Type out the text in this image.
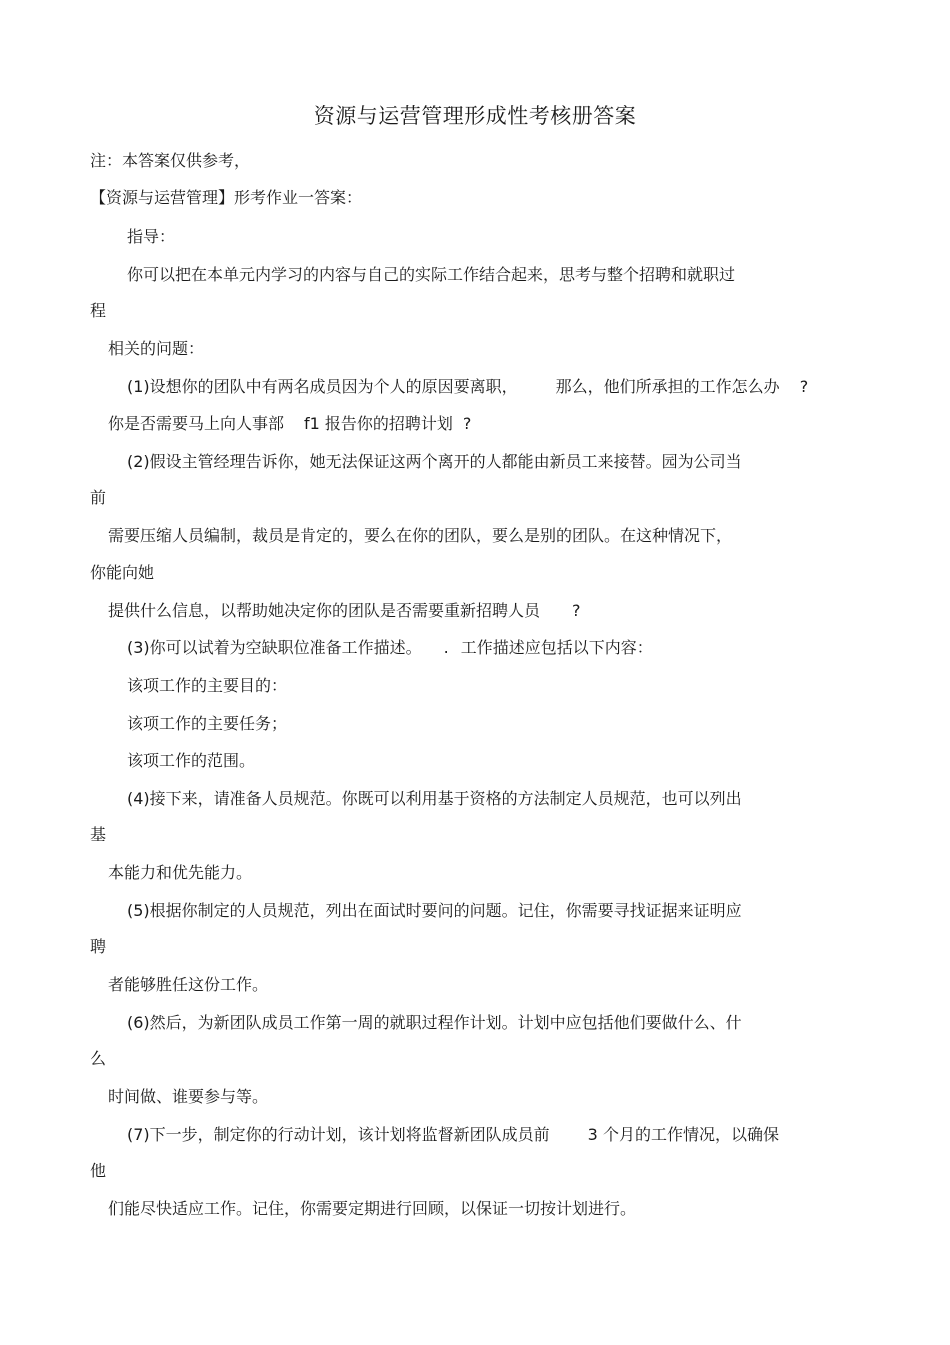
资源与运营管理形成性考核册答案
注：本答案仅供参考，
【资源与运营管理】形考作业一答案：
指导：
你可以把在本单元内学习的内容与自己的实际工作结合起来，思考与整个招聘和就职过
程
相关的问题：
(1)设想你的团队中有两名成员因为个人的原因要离职， 那么，他们所承担的工作怎么办 ?
你是否需要马上向人事部 f1 报告你的招聘计划 ?
(2)假设主管经理告诉你，她无法保证这两个离开的人都能由新员工来接替。园为公司当
前
需要压缩人员编制，裁员是肯定的，要么在你的团队，要么是别的团队。在这种情况下，
你能向她
提供什么信息，以帮助她决定你的团队是否需要重新招聘人员 ?
(3)你可以试着为空缺职位准备工作描述。 . 工作描述应包括以下内容：
该项工作的主要目的：
该项工作的主要任务；
该项工作的范围。
(4)接下来，请准备人员规范。你既可以利用基于资格的方法制定人员规范，也可以列出
基
本能力和优先能力。
(5)根据你制定的人员规范，列出在面试时要问的问题。记住，你需要寻找证据来证明应
聘
者能够胜任这份工作。
(6)然后，为新团队成员工作第一周的就职过程作计划。计划中应包括他们要做什么、什
么
时间做、谁要参与等。
(7)下一步，制定你的行动计划，该计划将监督新团队成员前 3 个月的工作情况，以确保
他
们能尽快适应工作。记住，你需要定期进行回顾，以保证一切按计划进行。
